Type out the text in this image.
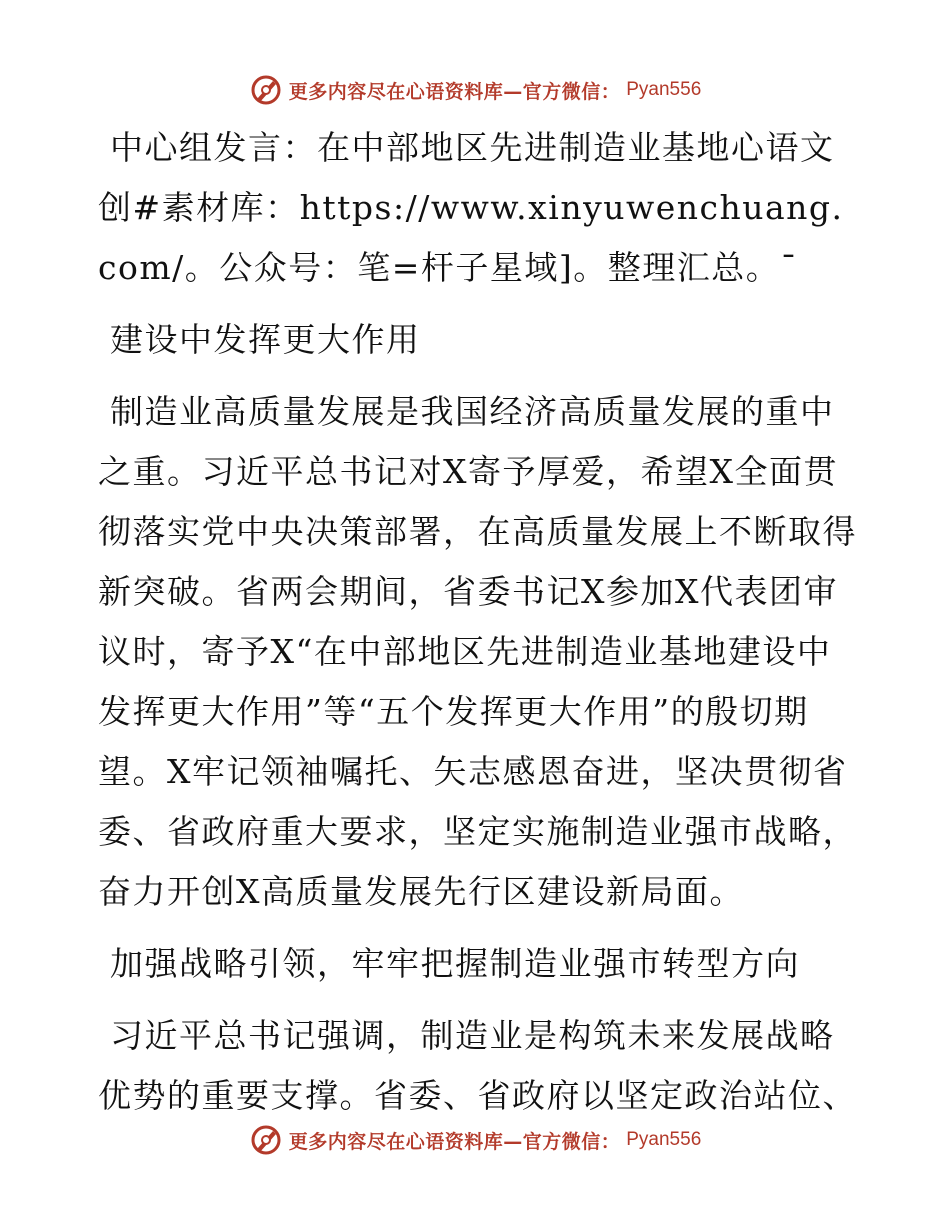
更多内容尽在心语资料库—官方微信： Pyan556

中心组发言：在中部地区先进制造业基地心语文创#素材库：https://www.xinyuwenchuang.com/。公众号：笔=杆子星域]。整理汇总。¯

建设中发挥更大作用

制造业高质量发展是我国经济高质量发展的重中之重。习近平总书记对X寄予厚爱，希望X全面贯彻落实党中央决策部署，在高质量发展上不断取得新突破。省两会期间，省委书记X参加X代表团审议时，寄予X“在中部地区先进制造业基地建设中发挥更大作用”等“五个发挥更大作用”的殷切期望。X牢记领袖嘱托、矢志感恩奋进，坚决贯彻省委、省政府重大要求，坚定实施制造业强市战略，奋力开创X高质量发展先行区建设新局面。

加强战略引领，牢牢把握制造业强市转型方向

习近平总书记强调，制造业是构筑未来发展战略优势的重要支撑。省委、省政府以坚定政治站位、

更多内容尽在心语资料库—官方微信： Pyan556
